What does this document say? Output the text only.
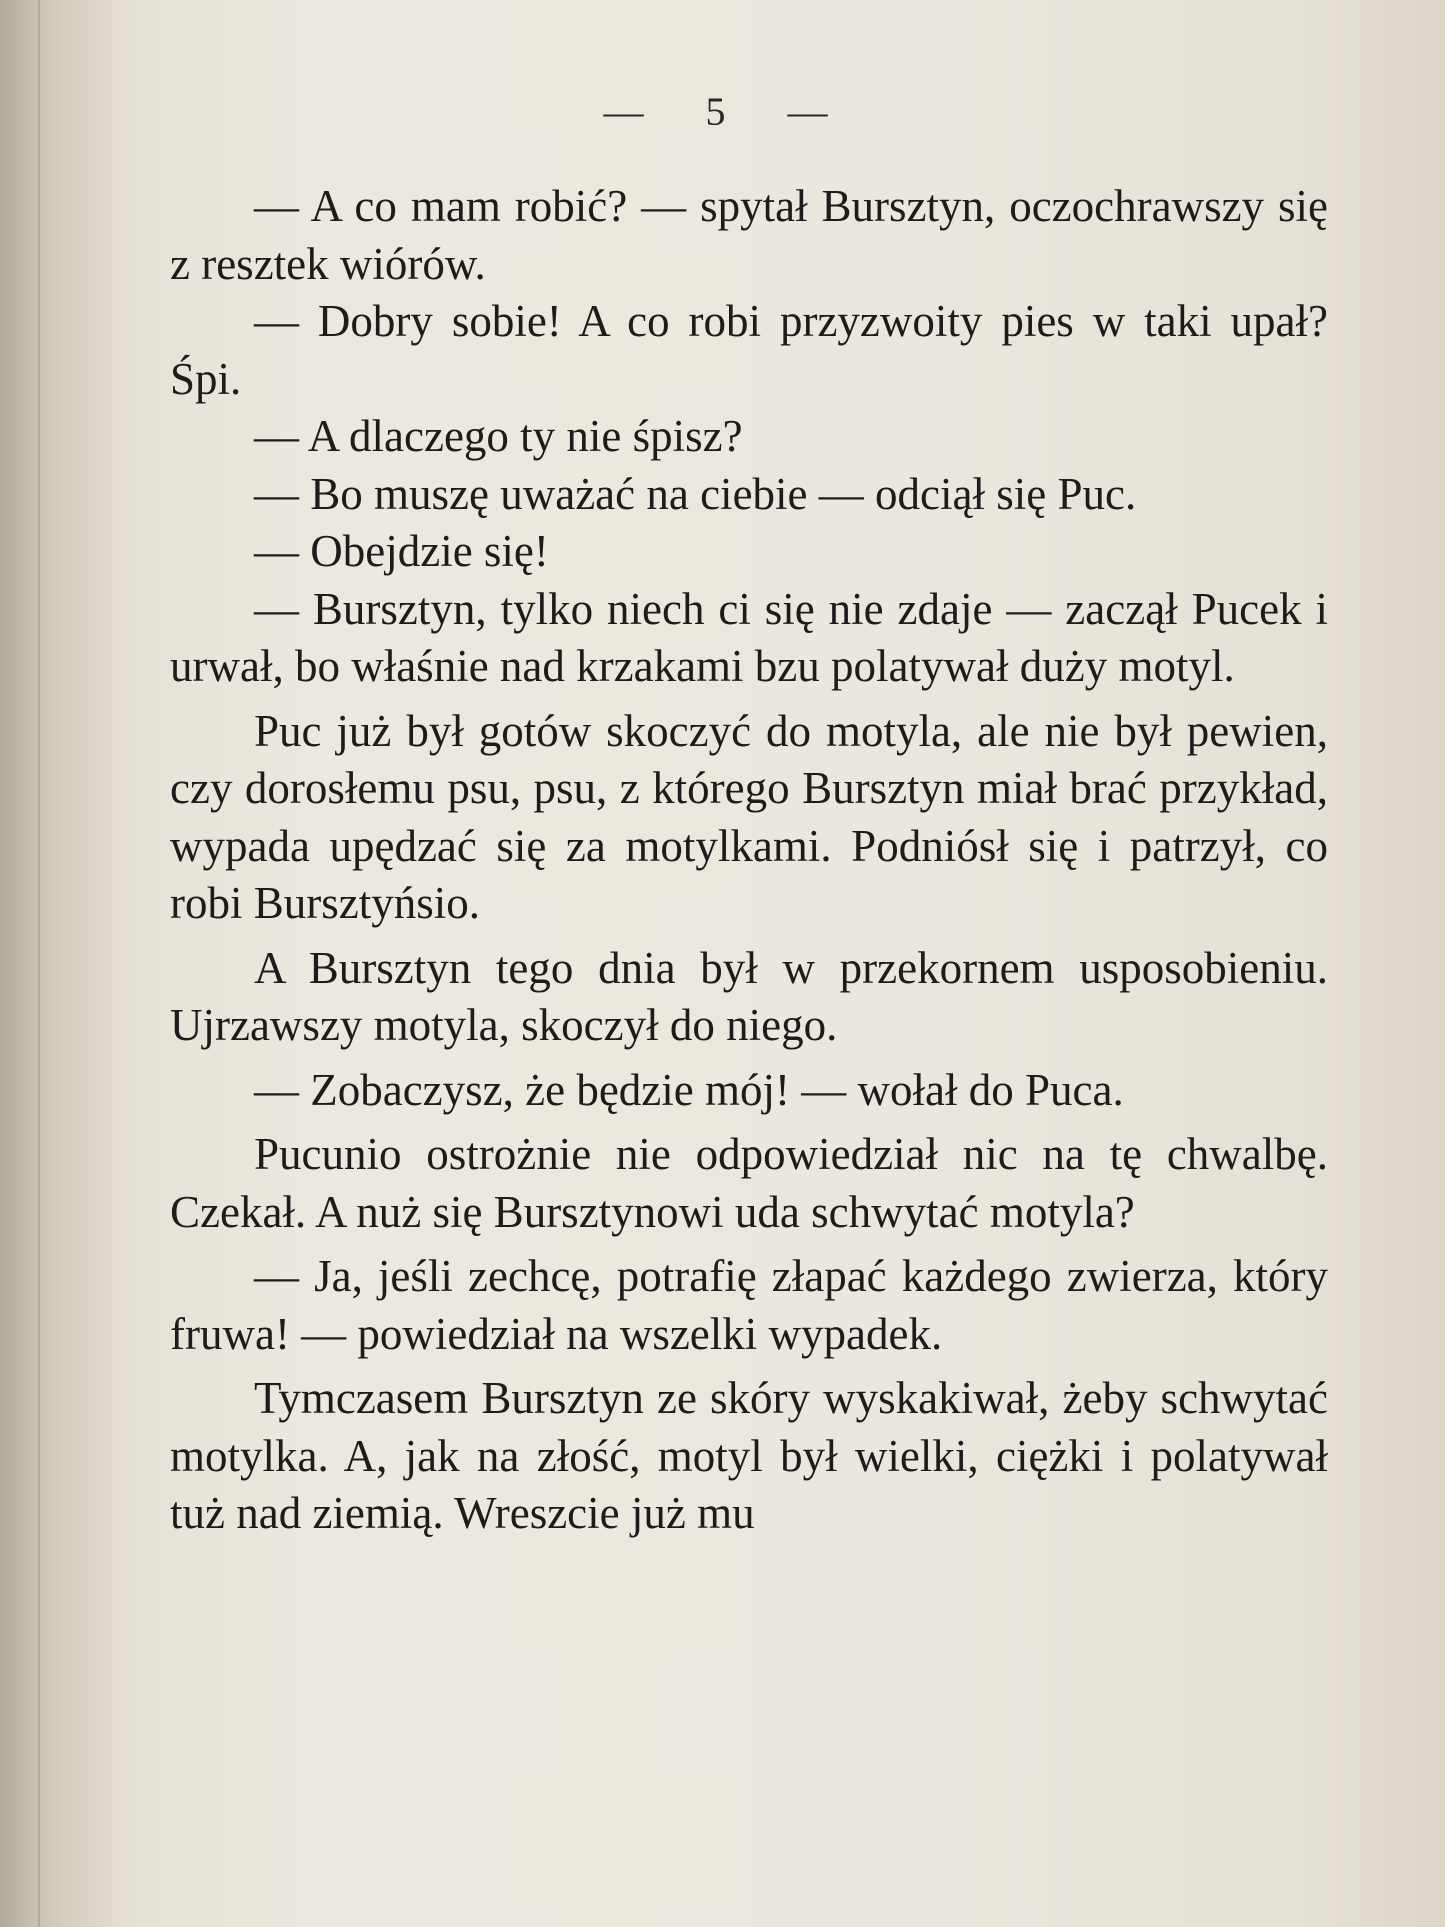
— 5 —

— A co mam robić? — spytał Bursztyn, oczochrawszy się z resztek wiórów.

— Dobry sobie! A co robi przyzwoity pies w taki upał? Śpi.

— A dlaczego ty nie śpisz?

— Bo muszę uważać na ciebie — odciął się Puc.

— Obejdzie się!

— Bursztyn, tylko niech ci się nie zdaje — zaczął Pucek i urwał, bo właśnie nad krzakami bzu polatywał duży motyl.

Puc już był gotów skoczyć do motyla, ale nie był pewien, czy dorosłemu psu, psu, z którego Bursztyn miał brać przykład, wypada upędzać się za motylkami. Podniósł się i patrzył, co robi Bursztyńsio.

A Bursztyn tego dnia był w przekornem usposobieniu. Ujrzawszy motyla, skoczył do niego.

— Zobaczysz, że będzie mój! — wołał do Puca.

Pucunio ostrożnie nie odpowiedział nic na tę chwalbę. Czekał. A nuż się Bursztynowi uda schwytać motyla?

— Ja, jeśli zechcę, potrafię złapać każdego zwierza, który fruwa! — powiedział na wszelki wypadek.

Tymczasem Bursztyn ze skóry wyskakiwał, żeby schwytać motylka. A, jak na złość, motyl był wielki, ciężki i polatywał tuż nad ziemią. Wreszcie już mu
